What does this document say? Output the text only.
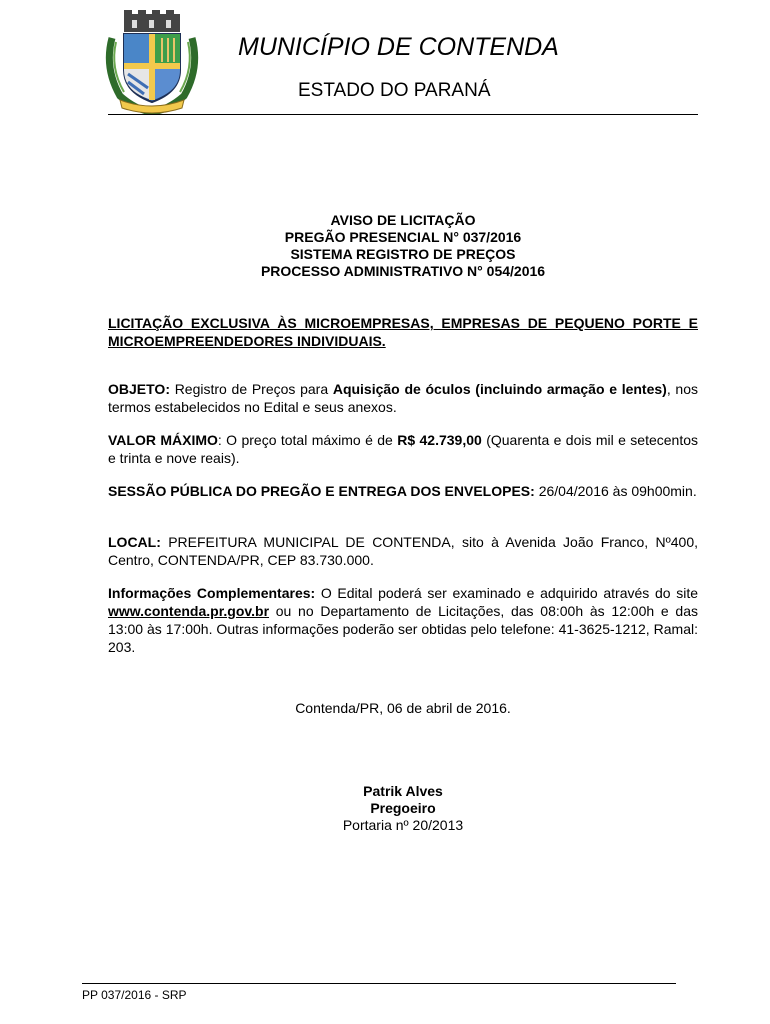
MUNICÍPIO DE CONTENDA
ESTADO DO PARANÁ
AVISO DE LICITAÇÃO
PREGÃO PRESENCIAL N° 037/2016
SISTEMA REGISTRO DE PREÇOS
PROCESSO ADMINISTRATIVO N° 054/2016
LICITAÇÃO EXCLUSIVA ÀS MICROEMPRESAS, EMPRESAS DE PEQUENO PORTE E MICROEMPREENDEDORES INDIVIDUAIS.
OBJETO: Registro de Preços para Aquisição de óculos (incluindo armação e lentes), nos termos estabelecidos no Edital e seus anexos.
VALOR MÁXIMO: O preço total máximo é de R$ 42.739,00 (Quarenta e dois mil e setecentos e trinta e nove reais).
SESSÃO PÚBLICA DO PREGÃO E ENTREGA DOS ENVELOPES: 26/04/2016 às 09h00min.
LOCAL: PREFEITURA MUNICIPAL DE CONTENDA, sito à Avenida João Franco, Nº400, Centro, CONTENDA/PR, CEP 83.730.000.
Informações Complementares: O Edital poderá ser examinado e adquirido através do site www.contenda.pr.gov.br ou no Departamento de Licitações, das 08:00h às 12:00h e das 13:00 às 17:00h. Outras informações poderão ser obtidas pelo telefone: 41-3625-1212, Ramal: 203.
Contenda/PR, 06 de abril de 2016.
Patrik Alves
Pregoeiro
Portaria nº 20/2013
PP 037/2016 - SRP
